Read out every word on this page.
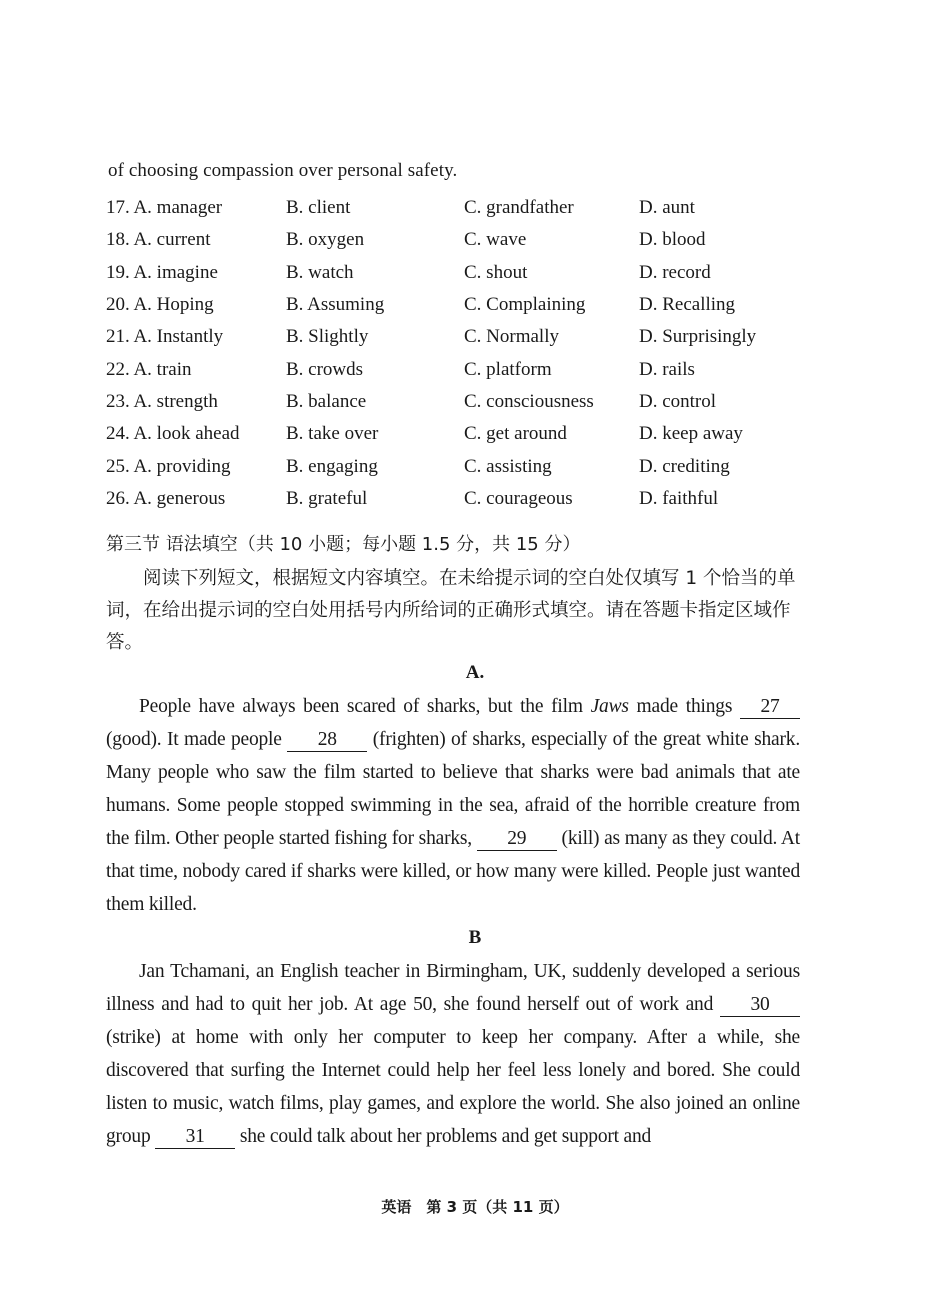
of choosing compassion over personal safety.
17. A. manager	B. client	C. grandfather	D. aunt
18. A. current	B. oxygen	C. wave	D. blood
19. A. imagine	B. watch	C. shout	D. record
20. A. Hoping	B. Assuming	C. Complaining	D. Recalling
21. A. Instantly	B. Slightly	C. Normally	D. Surprisingly
22. A. train	B. crowds	C. platform	D. rails
23. A. strength	B. balance	C. consciousness	D. control
24. A. look ahead	B. take over	C. get around	D. keep away
25. A. providing	B. engaging	C. assisting	D. crediting
26. A. generous	B. grateful	C. courageous	D. faithful
第三节 语法填空（共 10 小题；每小题 1.5 分，共 15 分）

阅读下列短文，根据短文内容填空。在未给提示词的空白处仅填写 1 个恰当的单词，在给出提示词的空白处用括号内所给词的正确形式填空。请在答题卡指定区域作答。

A.

People have always been scared of sharks, but the film Jaws made things 27 (good). It made people 28 (frighten) of sharks, especially of the great white shark. Many people who saw the film started to believe that sharks were bad animals that ate humans. Some people stopped swimming in the sea, afraid of the horrible creature from the film. Other people started fishing for sharks, 29 (kill) as many as they could. At that time, nobody cared if sharks were killed, or how many were killed. People just wanted them killed.

B

Jan Tchamani, an English teacher in Birmingham, UK, suddenly developed a serious illness and had to quit her job. At age 50, she found herself out of work and 30 (strike) at home with only her computer to keep her company. After a while, she discovered that surfing the Internet could help her feel less lonely and bored. She could listen to music, watch films, play games, and explore the world. She also joined an online group 31 she could talk about her problems and get support and

英语　第 3 页（共 11 页）
